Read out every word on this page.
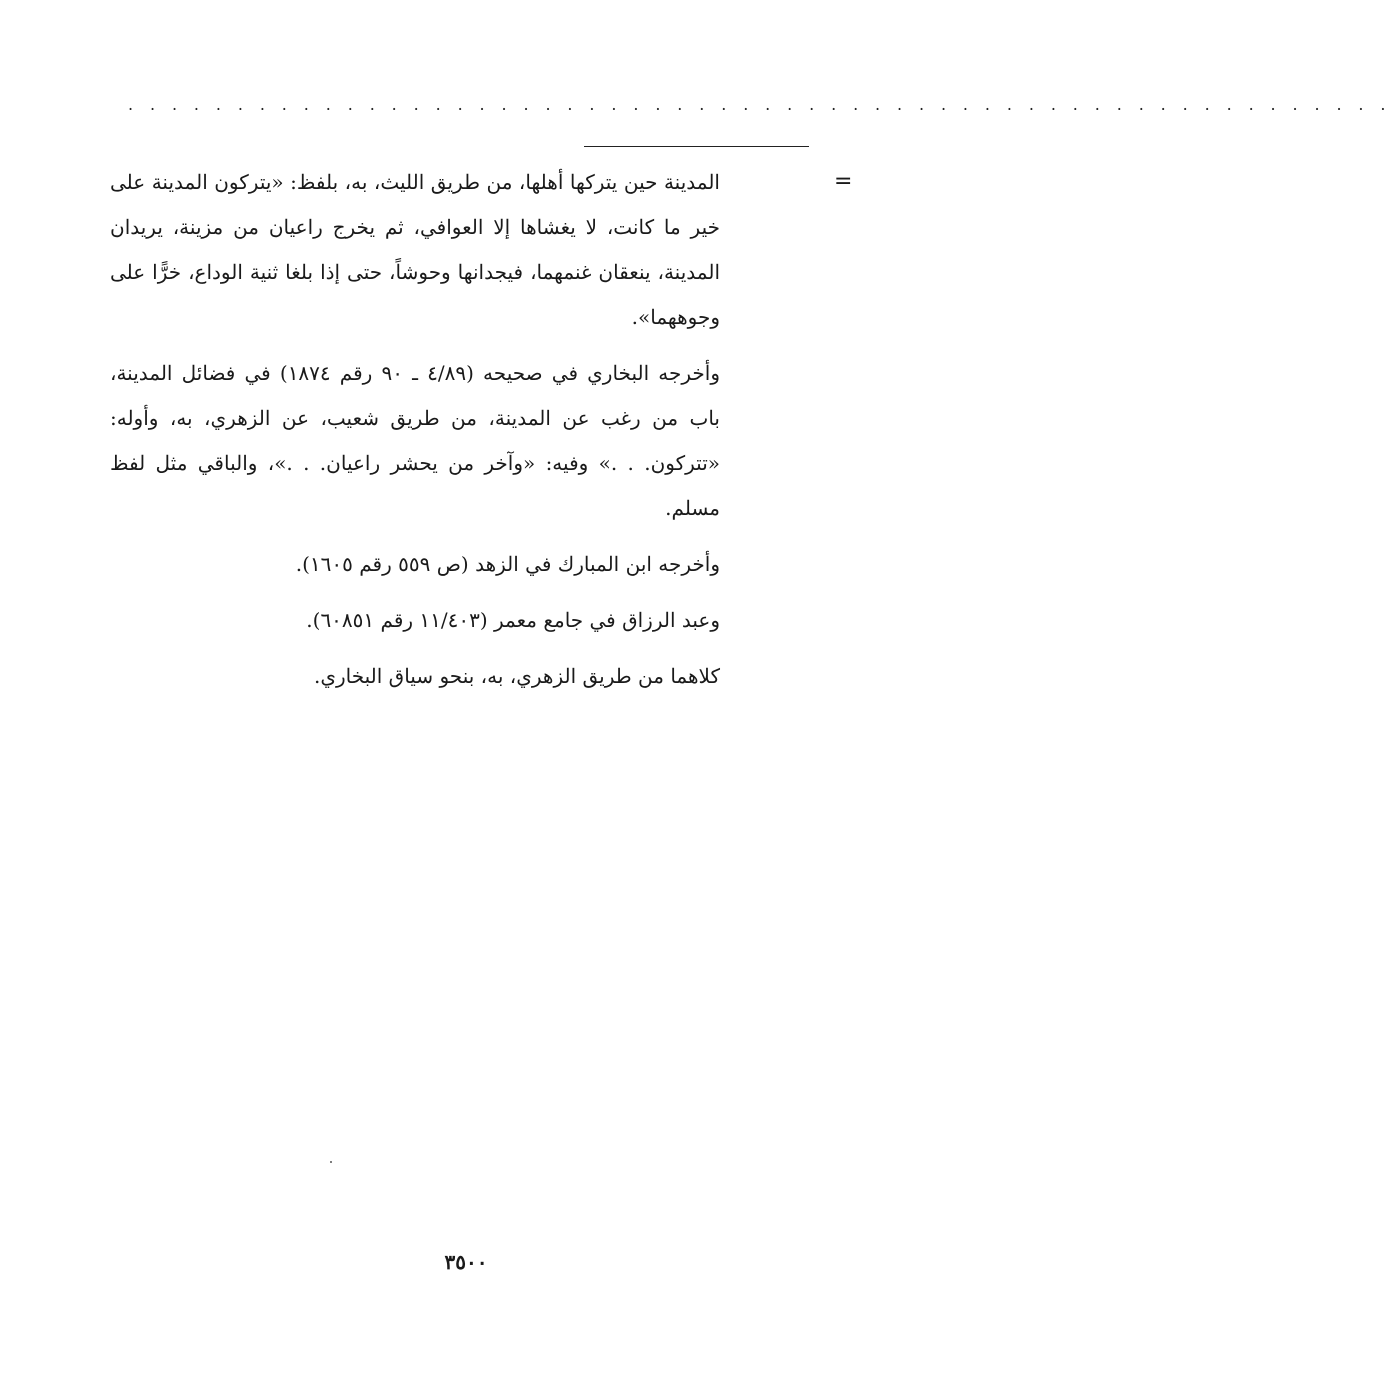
. . . . . . . . . . . . . . . . . . . . . . . . . . . . . . . . . . . . . . . . . . . . . . . . . . . . . . . . . .
=

المدينة حين يتركها أهلها، من طريق الليث، به، بلفظ: «يتركون المدينة على خير ما كانت، لا يغشاها إلا العوافي، ثم يخرج راعيان من مزينة، يريدان المدينة، ينعقان غنمهما، فيجدانها وحوشاً، حتى إذا بلغا ثنية الوداع، خرًّا على وجوههما».

وأخرجه البخاري في صحيحه (٤/٨٩ ـ ٩٠ رقم ١٨٧٤) في فضائل المدينة، باب من رغب عن المدينة، من طريق شعيب، عن الزهري، به، وأوله: «تتركون. . .» وفيه: «وآخر من يحشر راعيان. . .»، والباقي مثل لفظ مسلم.

وأخرجه ابن المبارك في الزهد (ص ٥٥٩ رقم ١٦٠٥).

وعبد الرزاق في جامع معمر (١١/٤٠٣ رقم ٦٠٨٥١).

كلاهما من طريق الزهري، به، بنحو سياق البخاري.

٣٥٠٠
